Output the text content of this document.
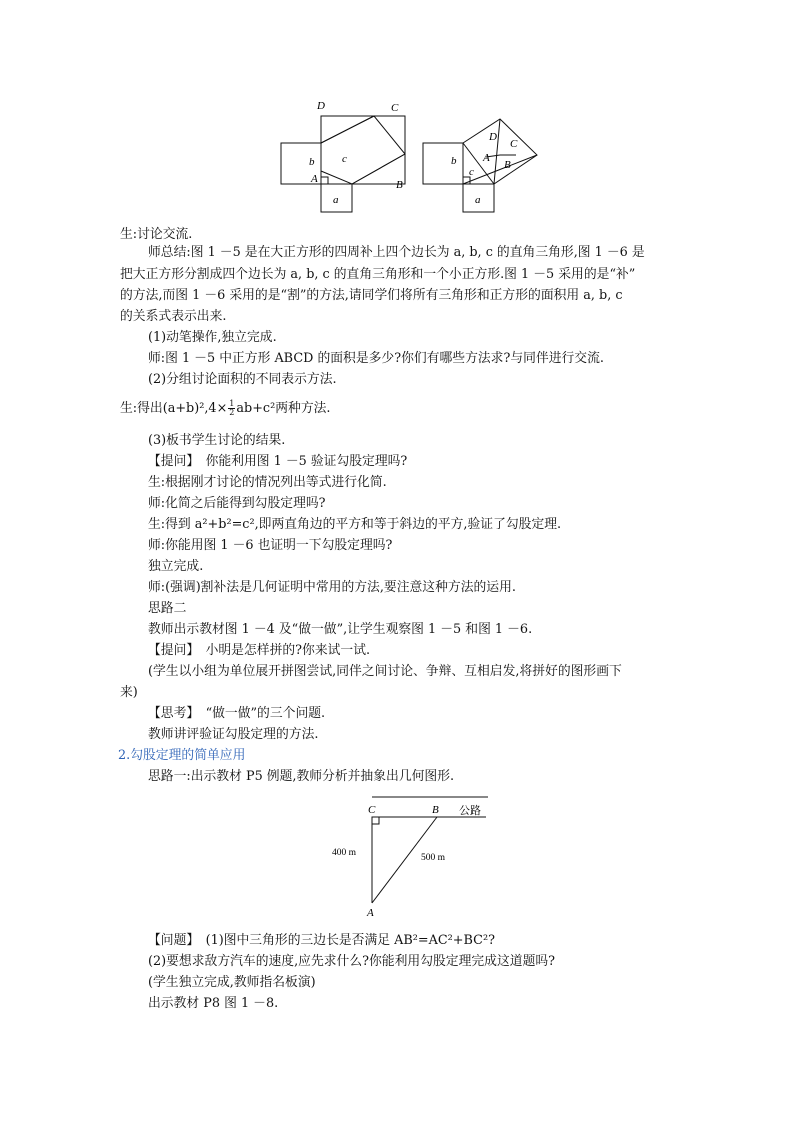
D	C
b	c
A	B
a
D
C
b A
c
B
a
生:讨论交流.
师总结:图 1 －5 是在大正方形的四周补上四个边长为 a, b, c 的直角三角形,图 1 －6 是
把大正方形分割成四个边长为 a, b, c 的直角三角形和一个小正方形.图 1 －5 采用的是“补”
的方法,而图 1 －6 采用的是“割”的方法,请同学们将所有三角形和正方形的面积用 a, b, c
的关系式表示出来.
(1)动笔操作,独立完成.
师:图 1 －5 中正方形 ABCD 的面积是多少?你们有哪些方法求?与同伴进行交流.
(2)分组讨论面积的不同表示方法.
生:得出$(a+b)^2,4\times \frac{1}{2} ab+c^2$两种方法.
(3)板书学生讨论的结果.
【提问】　你能利用图 1 －5 验证勾股定理吗?
生:根据刚才讨论的情况列出等式进行化简.
师:化简之后能得到勾股定理吗?
生:得到 a²+b²=c²,即两直角边的平方和等于斜边的平方,验证了勾股定理.
师:你能用图 1 －6 也证明一下勾股定理吗?
独立完成.
师:(强调)割补法是几何证明中常用的方法,要注意这种方法的运用.
思路二
教师出示教材图 1 －4 及“做一做”,让学生观察图 1 －5 和图 1 －6.
【提问】　小明是怎样拼的?你来试一试.
(学生以小组为单位展开拼图尝试,同伴之间讨论、争辩、互相启发,将拼好的图形画下
来)
【思考】　“做一做”的三个问题.
教师讲评验证勾股定理的方法.
2.勾股定理的简单应用
思路一:出示教材 P5 例题,教师分析并抽象出几何图形.
C	B
A
公路
400 m	500 m
【问题】　(1)图中三角形的三边长是否满足 AB²=AC²+BC²?
(2)要想求敌方汽车的速度,应先求什么?你能利用勾股定理完成这道题吗?
(学生独立完成,教师指名板演)
出示教材 P8 图 1 －8.
